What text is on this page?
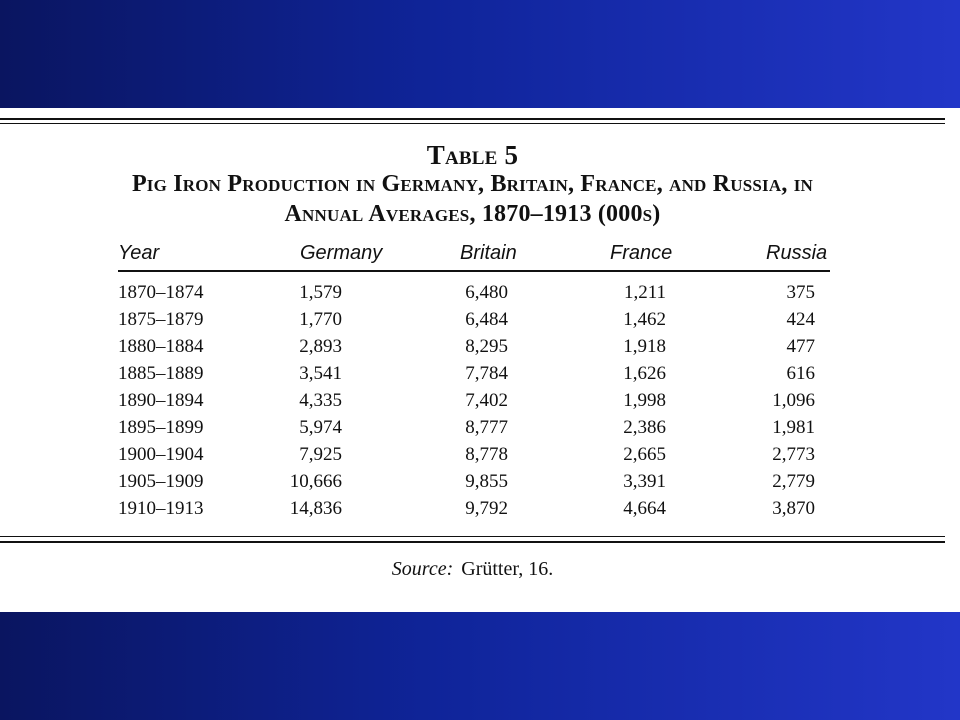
Table 5
Pig Iron Production in Germany, Britain, France, and Russia, in
Annual Averages, 1870–1913 (000s)
Year	Germany	Britain	France	Russia
1870–1874	1,579	6,480	1,211	375
1875–1879	1,770	6,484	1,462	424
1880–1884	2,893	8,295	1,918	477
1885–1889	3,541	7,784	1,626	616
1890–1894	4,335	7,402	1,998	1,096
1895–1899	5,974	8,777	2,386	1,981
1900–1904	7,925	8,778	2,665	2,773
1905–1909	10,666	9,855	3,391	2,779
1910–1913	14,836	9,792	4,664	3,870
Source: Grütter, 16.
